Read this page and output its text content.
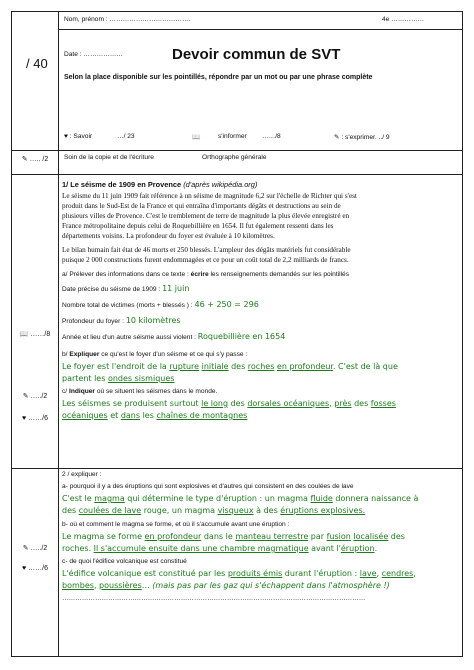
Nom, prénom : ……………………………….	4e ……………
/ 40
Date : ………………	Devoir commun de SVT
Selon la place disponible sur les pointillés, répondre par un mot ou par une phrase complète
♥ : Savoir	…/ 23	📖	s'informer ……/8	✎ : s'exprimer. ../ 9
✎ ….. /2	Soin de la copie et de l'écriture	Orthographe générale
1/ Le séisme de 1909 en Provence (d'après wikipédia.org)
Le séisme du 11 juin 1909 fait référence à un séisme de magnitude 6,2 sur l'échelle de Richter qui s'est
produit dans le Sud-Est de la France et qui entraîna d'importants dégâts et destructions au sein de
plusieurs villes de Provence. C'est le tremblement de terre de magnitude la plus élevée enregistré en
France métropolitaine depuis celui de Roquebillière en 1654. Il fut également ressenti dans les
départements voisins. La profondeur du foyer est évaluée à 10 kilomètres.
Le bilan humain fait état de 46 morts et 250 blessés. L'ampleur des dégâts matériels fut considérable
puisque 2 000 constructions furent endommagées et ce pour un coût total de 2,2 milliards de francs.
a/ Prélever des informations dans ce texte : écrire les renseignements demandés sur les pointillés
Date précise du séisme de 1909 : 11 juin
Nombre total de victimes (morts + blessés ) : 46 + 250 = 296
Profondeur du foyer : 10 kilomètres
Année et lieu d'un autre séisme aussi violent : Roquebillière en 1654
b/ Expliquer ce qu'est le foyer d'un séisme et ce qui s'y passe :
Le foyer est l'endroit de la rupture initiale des roches en profondeur. C'est de là que
partent les ondes sismiques
c/ Indiquer où se situent les séismes dans le monde.
Les séismes se produisent surtout le long des dorsales océaniques, près des fosses
océaniques et dans les chaînes de montagnes
📖 ……/8
✎ …../2
♥ ……/6
2 / expliquer :
a- pourquoi il y a des éruptions qui sont explosives et d'autres qui consistent en des coulées de lave
C'est le magma qui détermine le type d'éruption : un magma fluide donnera naissance à
des coulées de lave rouge, un magma visqueux à des éruptions explosives.
b- où et comment le magma se forme, et où il s'accumule avant une éruption :
Le magma se forme en profondeur dans le manteau terrestre par fusion localisée des
roches. Il s'accumule ensuite dans une chambre magmatique avant l'éruption.
c- de quoi l'édifice volcanique est constitué
L'édifice volcanique est constitué par les produits émis durant l'éruption : lave, cendres,
bombes, poussières… (mais pas par les gaz qui s'échappent dans l'atmosphère !)
…………………………………………………………………………………………………………………………
✎ …../2
♥ ……/6
